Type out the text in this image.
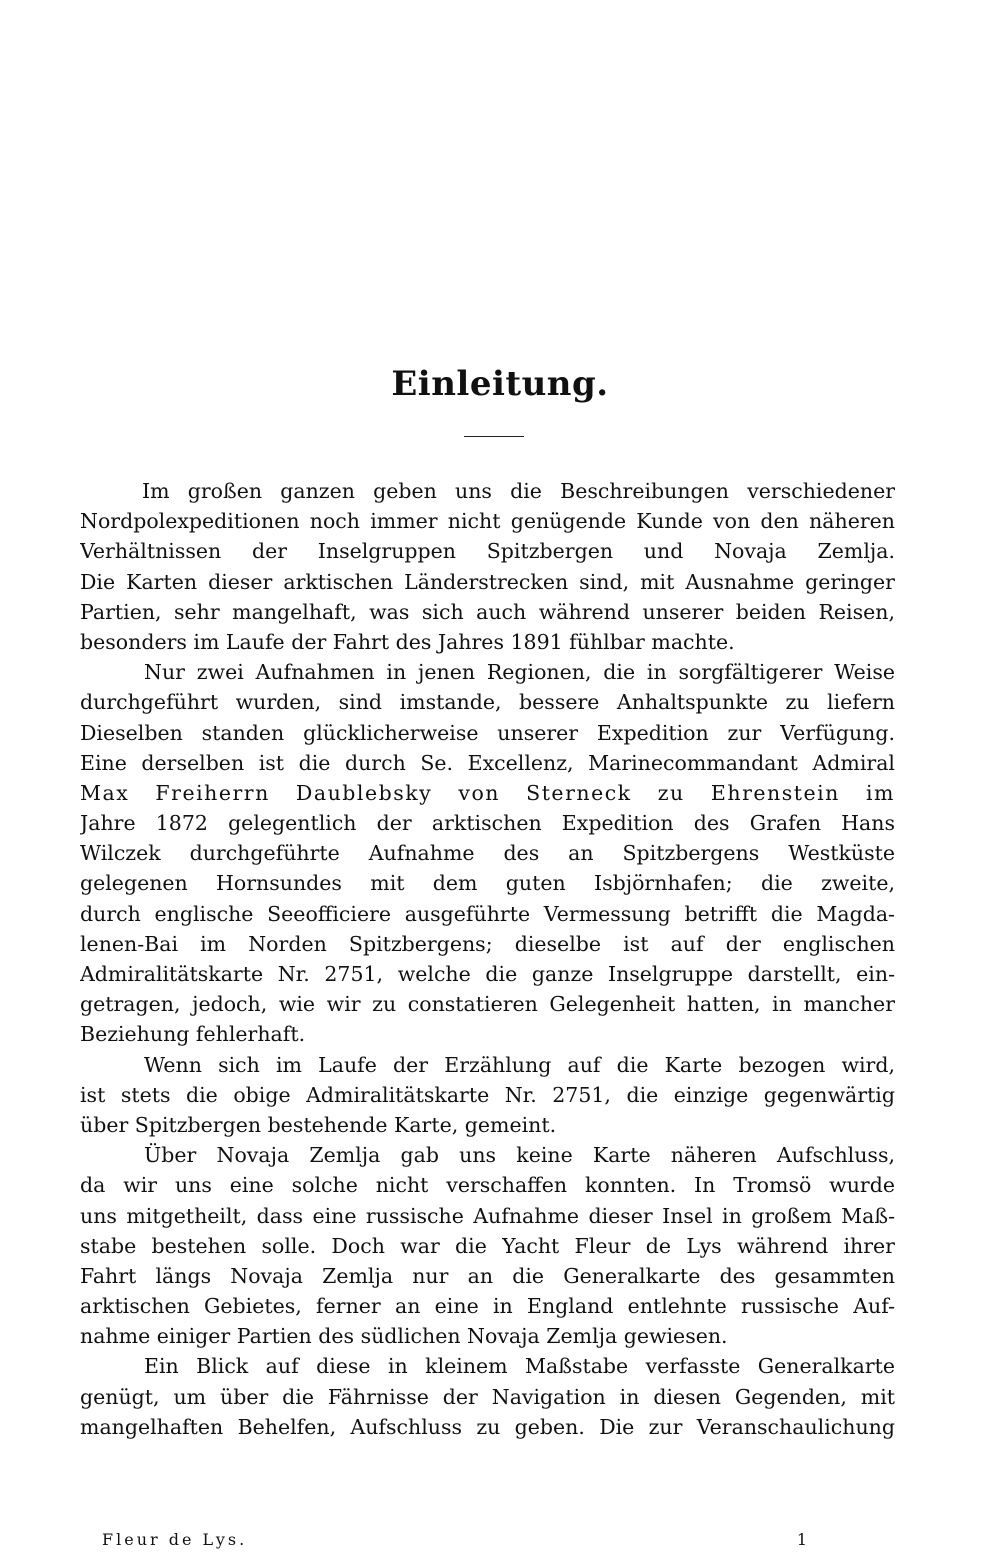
Einleitung.
Im großen ganzen geben uns die Beschreibungen verschiedener
Nordpolexpeditionen noch immer nicht genügende Kunde von den näheren
Verhältnissen der Inselgruppen Spitzbergen und Novaja Zemlja.
Die Karten dieser arktischen Länderstrecken sind, mit Ausnahme geringer
Partien, sehr mangelhaft, was sich auch während unserer beiden Reisen,
besonders im Laufe der Fahrt des Jahres 1891 fühlbar machte.
Nur zwei Aufnahmen in jenen Regionen, die in sorgfältigerer Weise
durchgeführt wurden, sind imstande, bessere Anhaltspunkte zu liefern
Dieselben standen glücklicherweise unserer Expedition zur Verfügung.
Eine derselben ist die durch Se. Excellenz, Marinecommandant Admiral
Max Freiherrn Daublebsky von Sterneck zu Ehrenstein im
Jahre 1872 gelegentlich der arktischen Expedition des Grafen Hans
Wilczek durchgeführte Aufnahme des an Spitzbergens Westküste
gelegenen Hornsundes mit dem guten Isbjörnhafen; die zweite,
durch englische Seeofficiere ausgeführte Vermessung betrifft die Magda-
lenen-Bai im Norden Spitzbergens; dieselbe ist auf der englischen
Admiralitätskarte Nr. 2751, welche die ganze Inselgruppe darstellt, ein-
getragen, jedoch, wie wir zu constatieren Gelegenheit hatten, in mancher
Beziehung fehlerhaft.
Wenn sich im Laufe der Erzählung auf die Karte bezogen wird,
ist stets die obige Admiralitätskarte Nr. 2751, die einzige gegenwärtig
über Spitzbergen bestehende Karte, gemeint.
Über Novaja Zemlja gab uns keine Karte näheren Aufschluss,
da wir uns eine solche nicht verschaffen konnten. In Tromsö wurde
uns mitgetheilt, dass eine russische Aufnahme dieser Insel in großem Maß-
stabe bestehen solle. Doch war die Yacht Fleur de Lys während ihrer
Fahrt längs Novaja Zemlja nur an die Generalkarte des gesammten
arktischen Gebietes, ferner an eine in England entlehnte russische Auf-
nahme einiger Partien des südlichen Novaja Zemlja gewiesen.
Ein Blick auf diese in kleinem Maßstabe verfasste Generalkarte
genügt, um über die Fährnisse der Navigation in diesen Gegenden, mit
mangelhaften Behelfen, Aufschluss zu geben. Die zur Veranschaulichung
Fleur de Lys.	1
